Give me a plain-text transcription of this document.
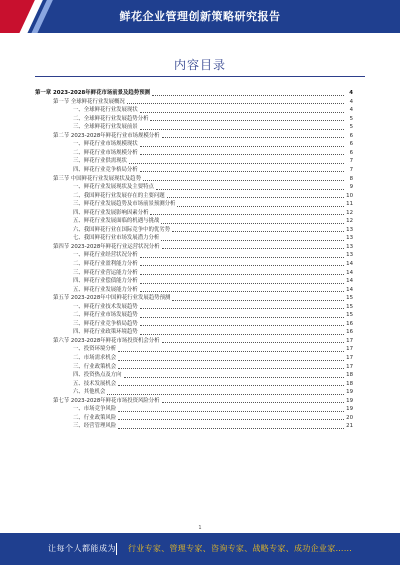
鲜花企业管理创新策略研究报告
内容目录
第一章 2023-2028年鲜花市场前景及趋势预测	4
第一节 全球鲜花行业发展概况	4
一、全球鲜花行业发展现状	4
二、全球鲜花行业发展趋势分析	5
三、全球鲜花行业发展前景	5
第二节 2023-2028年鲜花行业市场规模分析	6
一、鲜花行业市场规模现状	6
二、鲜花行业市场规模分析	6
三、鲜花行业供需现状	7
四、鲜花行业竞争格局分析	7
第三节 中国鲜花行业发展现状及趋势	8
一、鲜花行业发展现状及主要特点	9
二、我国鲜花行业发展存在的主要问题	10
三、鲜花行业发展趋势及市场前景预测分析	11
四、鲜花行业发展影响因素分析	12
五、鲜花行业发展面临的机遇与挑战	12
六、我国鲜花行业在国际竞争中的优劣势	13
七、我国鲜花行业市场发展潜力分析	13
第四节 2023-2028年鲜花行业运营状况分析	13
一、鲜花行业经营状况分析	13
二、鲜花行业盈利能力分析	14
三、鲜花行业营运能力分析	14
四、鲜花行业偿债能力分析	14
五、鲜花行业发展能力分析	14
第五节 2023-2028年中国鲜花行业发展趋势预测	15
一、鲜花行业技术发展趋势	15
二、鲜花行业市场发展趋势	15
三、鲜花行业竞争格局趋势	16
四、鲜花行业政策环境趋势	16
第六节 2023-2028年鲜花市场投资机会分析	17
一、投资环境分析	17
二、市场需求机会	17
三、行业政策机会	17
四、投资热点及方向	18
五、技术发展机会	18
六、其他机会	19
第七节 2023-2028年鲜花市场投资风险分析	19
一、市场竞争风险	19
二、行业政策风险	20
三、经营管理风险	21
1
让每个人都能成为 行业专家、管理专家、咨询专家、战略专家、成功企业家……
